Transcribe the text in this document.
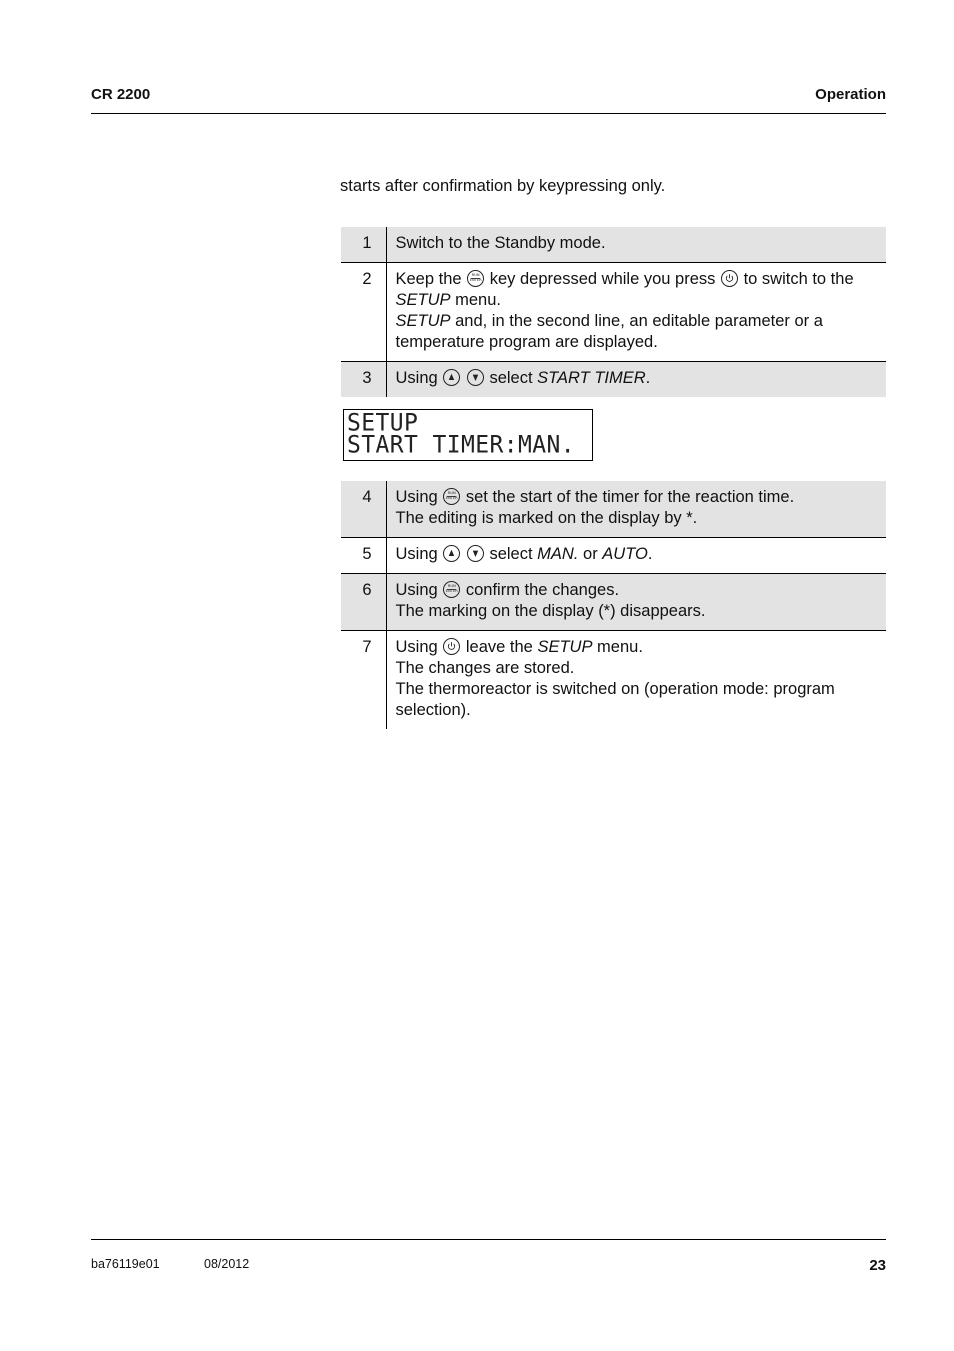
CR 2200	Operation
starts after confirmation by keypressing only.
1	Switch to the Standby mode.
2	Keep the RUN ENTER key depressed while you press to switch to the
SETUP menu.
SETUP and, in the second line, an editable parameter or a temperature program are displayed.
3	Using
select START TIMER.
SETUP
START TIMER:MAN.
4	Using RUN ENTER set the start of the timer for the reaction time.
The editing is marked on the display by *.
5	Using
select MAN. or AUTO.
6	Using RUN ENTER confirm the changes.
The marking on the display (*) disappears.
7	Using leave the SETUP menu.
The changes are stored.
The thermoreactor is switched on (operation mode: program selection).
ba76119e01	08/2012	23
